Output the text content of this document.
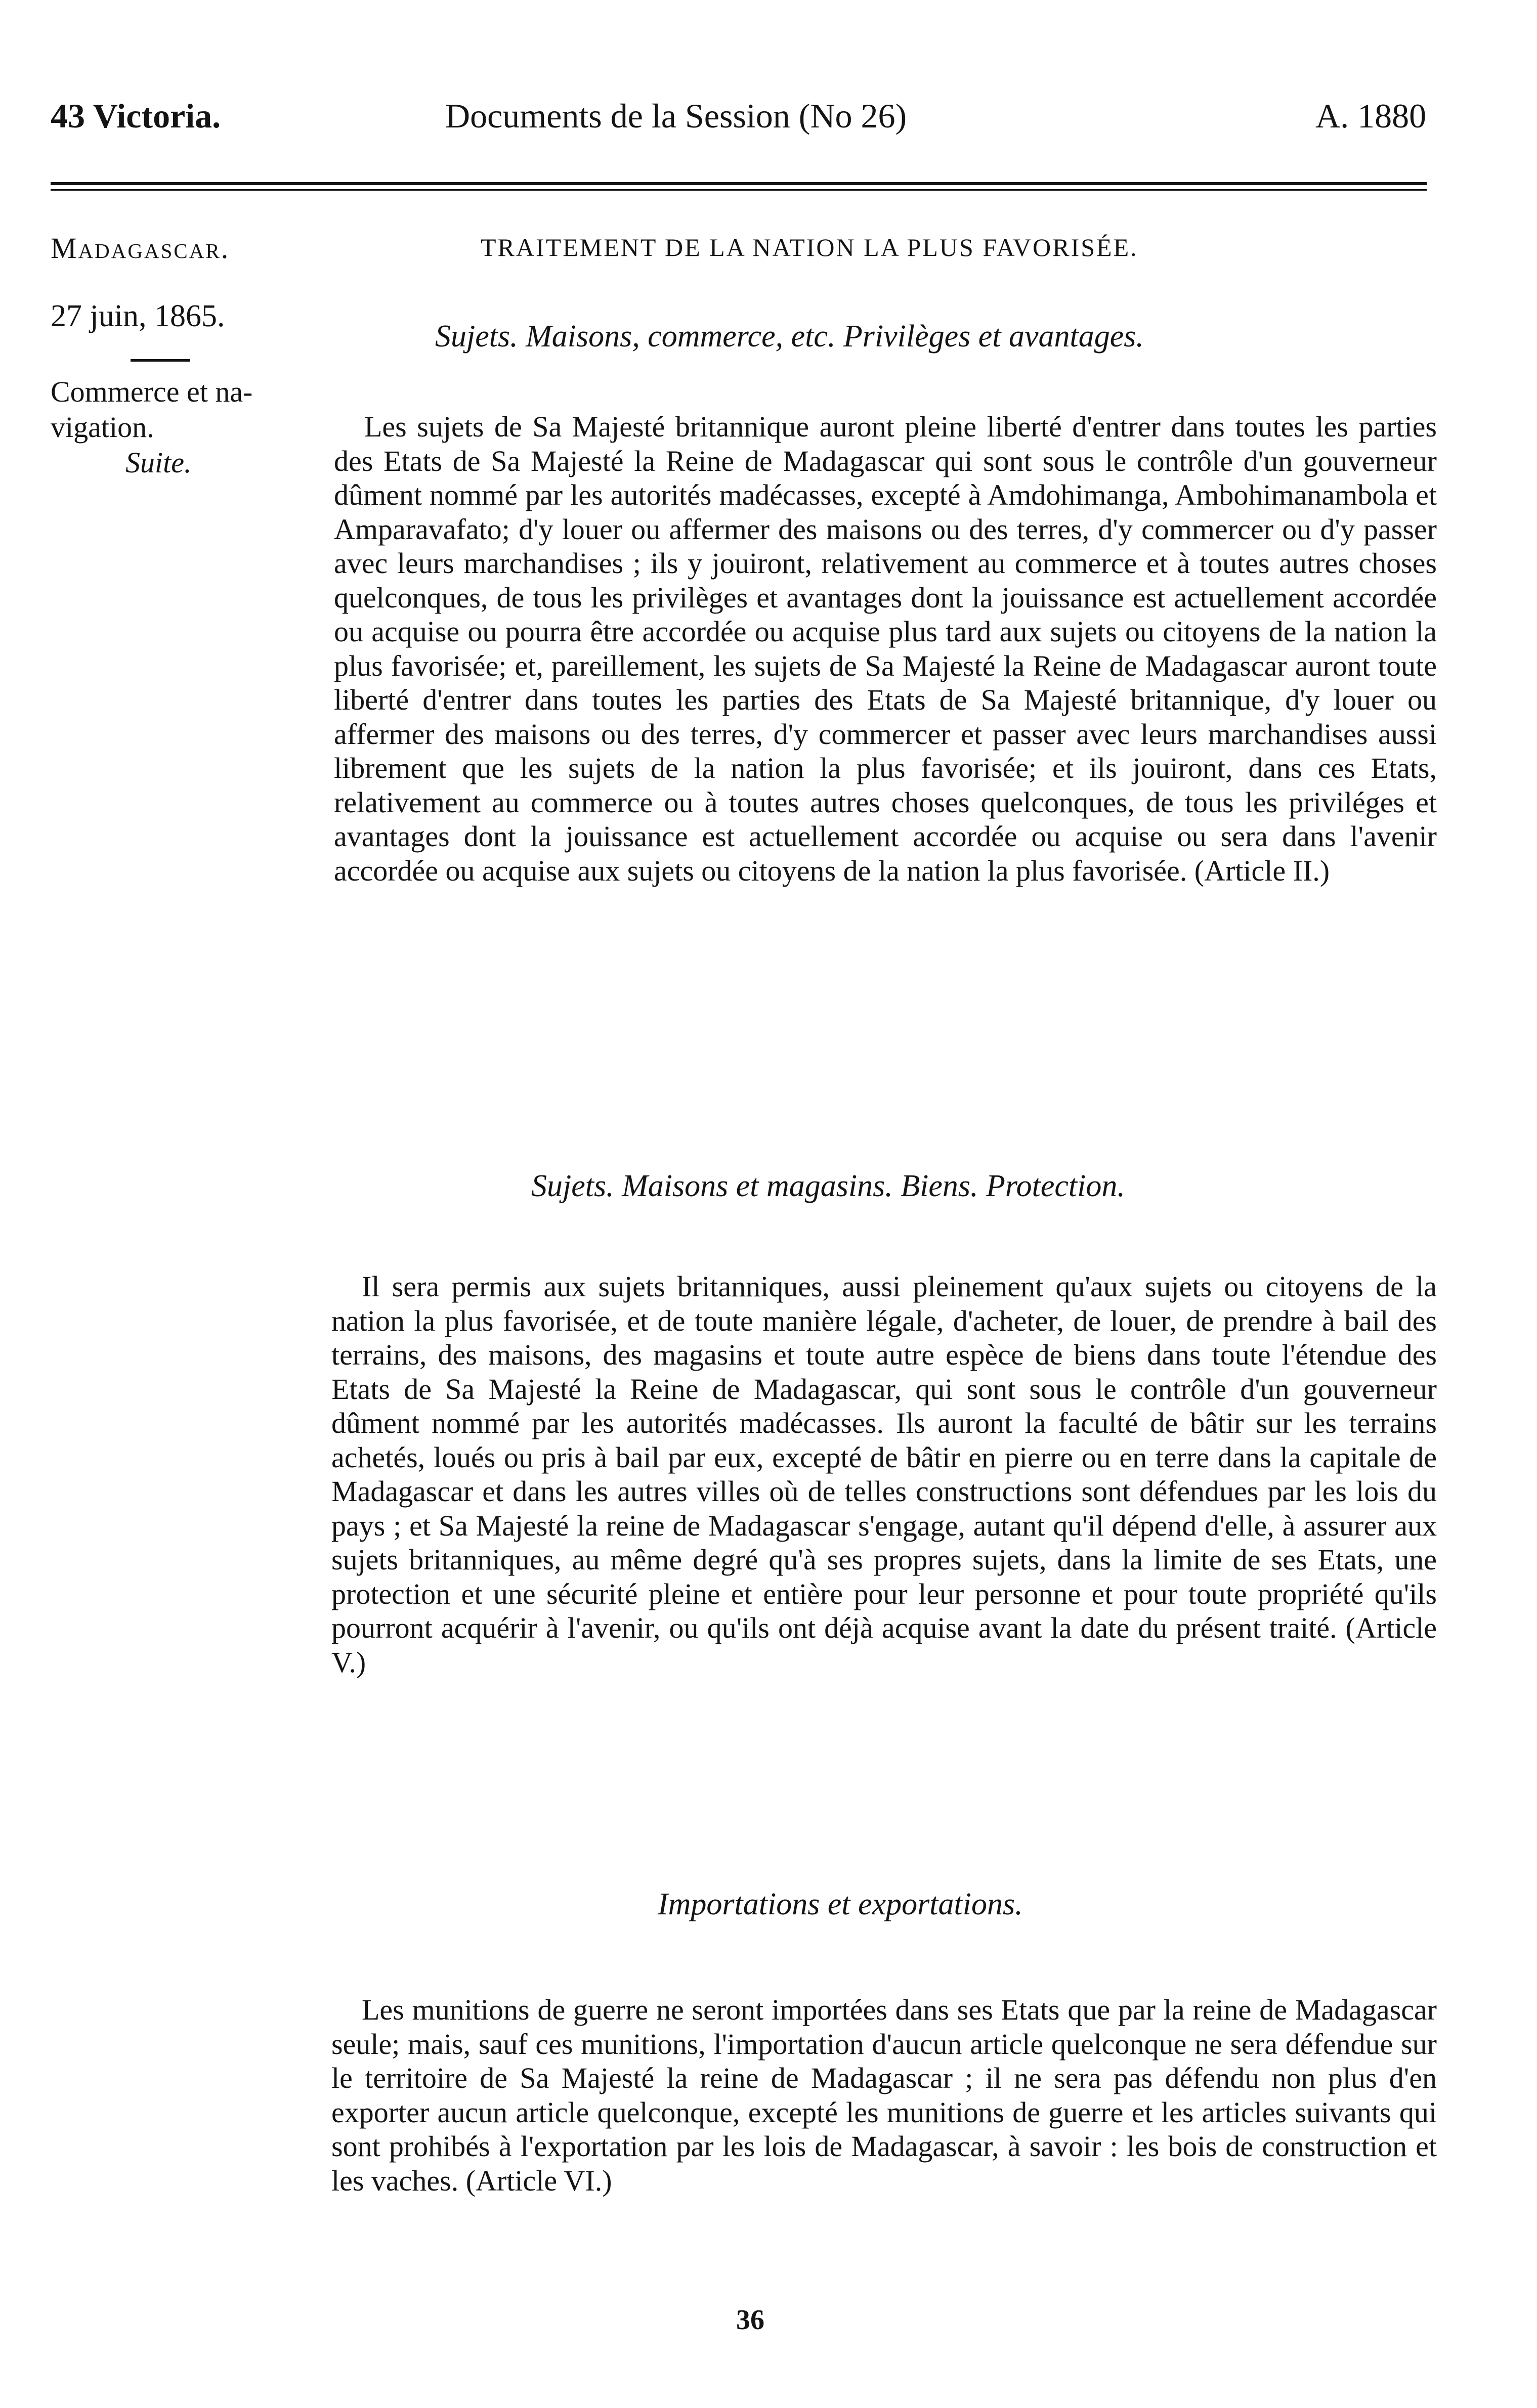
43 Victoria.	Documents de la Session (No 26)	A. 1880
Madagascar.
27 juin, 1865.
Commerce et na-
vigation.
Suite.
TRAITEMENT DE LA NATION LA PLUS FAVORISÉE.
Sujets. Maisons, commerce, etc. Privilèges et avantages.

Les sujets de Sa Majesté britannique auront pleine liberté d'entrer dans toutes les parties des Etats de Sa Majesté la Reine de Madagascar qui sont sous le contrôle d'un gouverneur dûment nommé par les autorités madécasses, excepté à Amdohimanga, Ambohimanambola et Amparavafato; d'y louer ou affermer des maisons ou des terres, d'y commercer ou d'y passer avec leurs marchandises ; ils y jouiront, relativement au commerce et à toutes autres choses quelconques, de tous les privilèges et avantages dont la jouissance est actuellement accordée ou acquise ou pourra être accordée ou acquise plus tard aux sujets ou citoyens de la nation la plus favorisée; et, pareillement, les sujets de Sa Majesté la Reine de Madagascar auront toute liberté d'entrer dans toutes les parties des Etats de Sa Majesté britannique, d'y louer ou affermer des maisons ou des terres, d'y commercer et passer avec leurs marchandises aussi librement que les sujets de la nation la plus favorisée; et ils jouiront, dans ces Etats, relativement au commerce ou à toutes autres choses quelconques, de tous les priviléges et avantages dont la jouissance est actuellement accordée ou acquise ou sera dans l'avenir accordée ou acquise aux sujets ou citoyens de la nation la plus favorisée. (Article II.)

Sujets. Maisons et magasins. Biens. Protection.

Il sera permis aux sujets britanniques, aussi pleinement qu'aux sujets ou citoyens de la nation la plus favorisée, et de toute manière légale, d'acheter, de louer, de prendre à bail des terrains, des maisons, des magasins et toute autre espèce de biens dans toute l'étendue des Etats de Sa Majesté la Reine de Madagascar, qui sont sous le contrôle d'un gouverneur dûment nommé par les autorités madécasses. Ils auront la faculté de bâtir sur les terrains achetés, loués ou pris à bail par eux, excepté de bâtir en pierre ou en terre dans la capitale de Madagascar et dans les autres villes où de telles constructions sont défendues par les lois du pays ; et Sa Majesté la reine de Madagascar s'engage, autant qu'il dépend d'elle, à assurer aux sujets britanniques, au même degré qu'à ses propres sujets, dans la limite de ses Etats, une protection et une sécurité pleine et entière pour leur personne et pour toute propriété qu'ils pourront acquérir à l'avenir, ou qu'ils ont déjà acquise avant la date du présent traité. (Article V.)

Importations et exportations.

Les munitions de guerre ne seront importées dans ses Etats que par la reine de Madagascar seule; mais, sauf ces munitions, l'importation d'aucun article quelconque ne sera défendue sur le territoire de Sa Majesté la reine de Madagascar ; il ne sera pas défendu non plus d'en exporter aucun article quelconque, excepté les munitions de guerre et les articles suivants qui sont prohibés à l'exportation par les lois de Madagascar, à savoir : les bois de construction et les vaches. (Article VI.)

36
